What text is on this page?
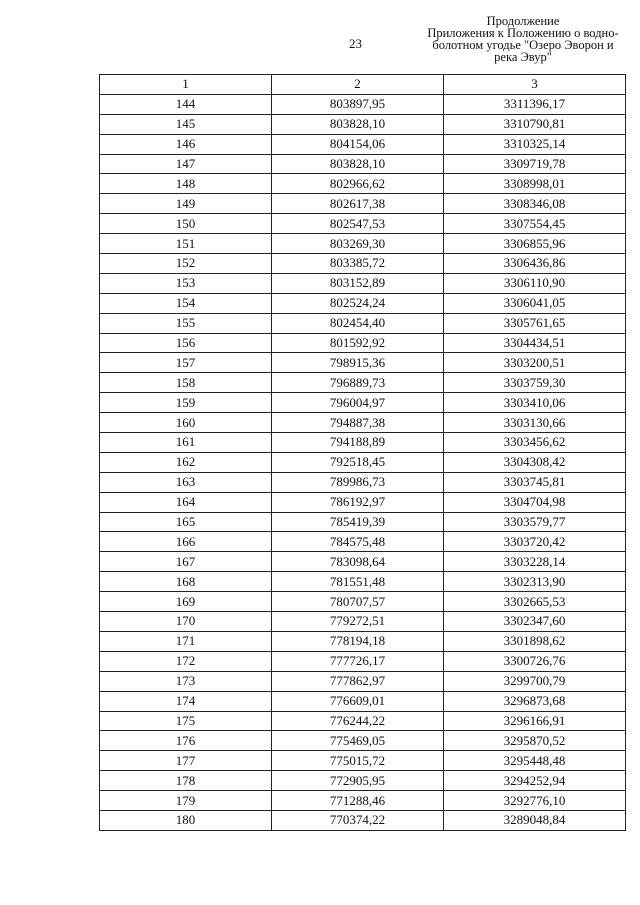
23
Продолжение
Приложения к Положению о водно-
болотном угодье "Озеро Эворон и
река Эвур"
1	2	3
144	803897,95	3311396,17
145	803828,10	3310790,81
146	804154,06	3310325,14
147	803828,10	3309719,78
148	802966,62	3308998,01
149	802617,38	3308346,08
150	802547,53	3307554,45
151	803269,30	3306855,96
152	803385,72	3306436,86
153	803152,89	3306110,90
154	802524,24	3306041,05
155	802454,40	3305761,65
156	801592,92	3304434,51
157	798915,36	3303200,51
158	796889,73	3303759,30
159	796004,97	3303410,06
160	794887,38	3303130,66
161	794188,89	3303456,62
162	792518,45	3304308,42
163	789986,73	3303745,81
164	786192,97	3304704,98
165	785419,39	3303579,77
166	784575,48	3303720,42
167	783098,64	3303228,14
168	781551,48	3302313,90
169	780707,57	3302665,53
170	779272,51	3302347,60
171	778194,18	3301898,62
172	777726,17	3300726,76
173	777862,97	3299700,79
174	776609,01	3296873,68
175	776244,22	3296166,91
176	775469,05	3295870,52
177	775015,72	3295448,48
178	772905,95	3294252,94
179	771288,46	3292776,10
180	770374,22	3289048,84
